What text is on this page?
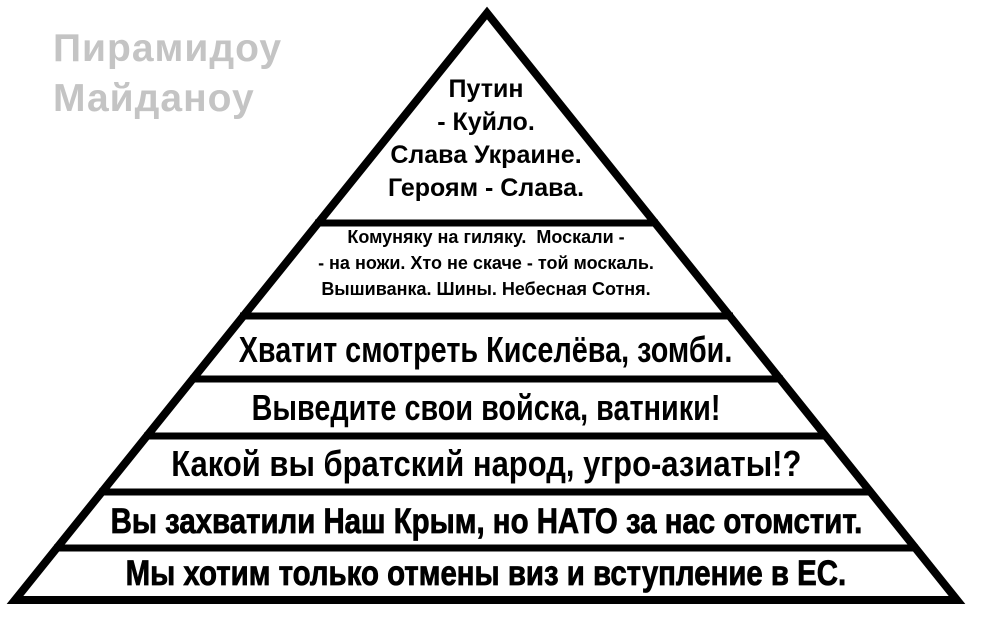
Пирамидоу
Майданоу	Путин
- Куйло.
Слава Украине.
Героям - Слава.
Комуняку на гиляку.  Москали -
- на ножи. Хто не скаче - той москаль.
Вышиванка. Шины. Небесная Сотня.
Хватит смотреть Киселёва, зомби.
Выведите свои войска, ватники!
Какой вы братский народ, угро-азиаты!?
Вы захватили Наш Крым, но НАТО за нас отомстит.
Мы хотим только отмены виз и вступление в ЕС.
